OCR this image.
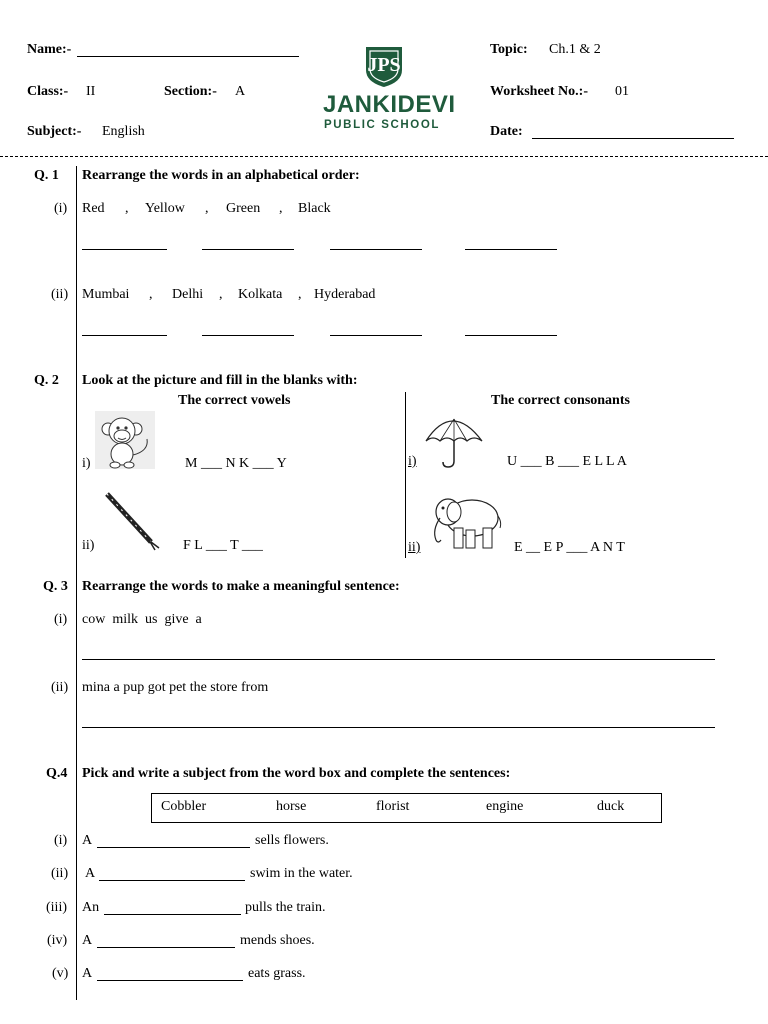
Name:-
Class:- II	Section:- A
Subject:- English
JPS
JANKIDEVI
PUBLIC SCHOOL
Topic: Ch.1 & 2
Worksheet No.:- 01
Date:
Q. 1 Rearrange the words in an alphabetical order:
(i) Red , Yellow , Green , Black
(ii) Mumbai , Delhi , Kolkata , Hyderabad
Q. 2 Look at the picture and fill in the blanks with:
The correct vowels	The correct consonants
i)	M ___ N K ___ Y
ii)	F L ___ T ___
i)	U ___ B ___ E L L A
ii)	E __ E P ___ A N T
Q. 3 Rearrange the words to make a meaningful sentence:
(i) cow  milk  us  give  a
(ii) mina a pup got pet the store from
Q.4 Pick and write a subject from the word box and complete the sentences:
Cobbler	horse	florist	engine	duck
(i) A	sells flowers.
(ii) A	swim in the water.
(iii) An	pulls the train.
(iv) A	mends shoes.
(v) A	eats grass.
